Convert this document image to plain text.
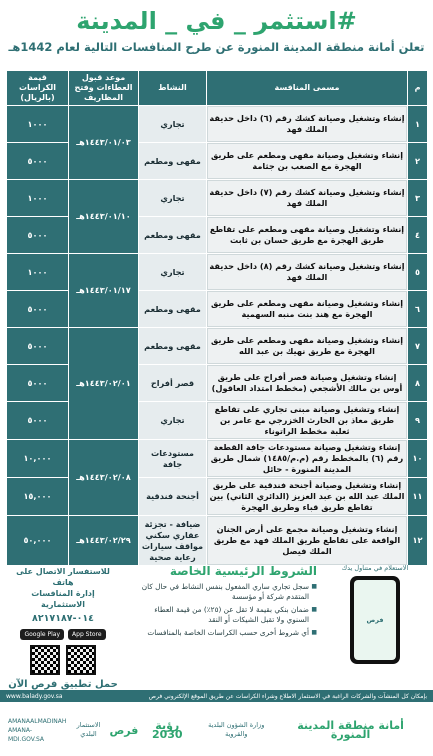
#استثمر _ في _ المدينة
تعلن أمانة منطقة المدينة المنورة عن طرح المنافسات التالية لعام 1442هـ
م	مسمى المنافسة	النشاط	موعد قبول العطاءات وفتح المظاريف	قيمة الكراسات (بالريال)
١	إنشاء وتشغيل وصيانة كشك رقم (٦) داخل حديقة الملك فهد	تجاري	١٤٤٣/٠١/٠٣هـ	١٠٠٠
٢	إنشاء وتشغيل وصيانة مقهى ومطعم على طريق الهجرة مع الصعب بن جثامة	مقهى ومطعم		٥٠٠٠
٣	إنشاء وتشغيل وصيانة كشك رقم (٧) داخل حديقة الملك فهد	تجاري	١٤٤٣/٠١/١٠هـ	١٠٠٠
٤	إنشاء وتشغيل وصيانة مقهى ومطعم على تقاطع طريق الهجرة مع طريق حسان بن ثابت	مقهى ومطعم		٥٠٠٠
٥	إنشاء وتشغيل وصيانة كشك رقم (٨) داخل حديقة الملك فهد	تجاري	١٤٤٣/٠١/١٧هـ	١٠٠٠
٦	إنشاء وتشغيل وصيانة مقهى ومطعم على طريق الهجرة مع هند بنت منبه السهمية	مقهى ومطعم		٥٠٠٠
٧	إنشاء وتشغيل وصيانة مقهى ومطعم على طريق الهجرة مع طريق نهيك بن عبد الله	مقهى ومطعم	١٤٤٣/٠٢/٠١هـ	٥٠٠٠
٨	إنشاء وتشغيل وصيانة قصر أفراح على طريق أوس بن مالك الأشجعي (مخطط امتداد العاقول)	قصر أفراح		٥٠٠٠
٩	إنشاء وتشغيل وصيانة مبنى تجاري على تقاطع طريق معاذ بن الحارث الخزرجي مع عامر بن ثعلبة مخطط الراتوناء	تجاري		٥٠٠٠
١٠	إنشاء وتشغيل وصيانة مستودعات جافة القطعة رقم (٦) بالمخطط رقم (م.م/١٤٨٥) شمال طريق المدينة المنورة - حائل	مستودعات جافة	١٤٤٣/٠٢/٠٨هـ	١٠,٠٠٠
١١	إنشاء وتشغيل وصيانة أجنحة فندقية على طريق الملك عبد الله بن عبد العزيز (الدائري الثاني) بين تقاطع طريق قباء وطريق الهجرة	أجنحة فندقية		١٥,٠٠٠
١٢	إنشاء وتشغيل وصيانة مجمع على أرض الجنان الواقعة على تقاطع طريق الملك فهد مع طريق الملك فيصل	ضيافة - تجزئة عقاري سكني مواقف سيارات رعاية صحية	١٤٤٣/٠٢/٢٩هـ	٥٠,٠٠٠
الاستعلام في متناول يدك
فرص
الشروط الرئيسية الخاصة
■ سجل تجاري ساري المفعول بنفس النشاط في حال كان المتقدم شركة أو مؤسسة
■ ضمان بنكي بقيمة لا تقل عن (٢٥٪) من قيمة العطاء السنوي ولا تقبل الشيكات أو النقد
■ أي شروط أخرى حسب الكراسات الخاصة بالمنافسات
للاستفسار الاتصال على هاتف
إدارة المنافسات الاستثمارية
٠١٤-٨٢١٧١٨٧
Google Play	App Store
حمل تطبيق فرص الآن
بإمكان كل المنشآت والشركات الراغبة في الاستثمار الاطلاع وشراء الكراسات عن طريق الموقع الإلكتروني فرص
www.balady.gov.sa
أمانة منطقة المدينة المنورة
وزارة الشؤون البلدية والقروية
رؤية 2030
فرص
الاستثمار البلدي
AMANAALMADINAH
AMANA-MDI.GOV.SA
